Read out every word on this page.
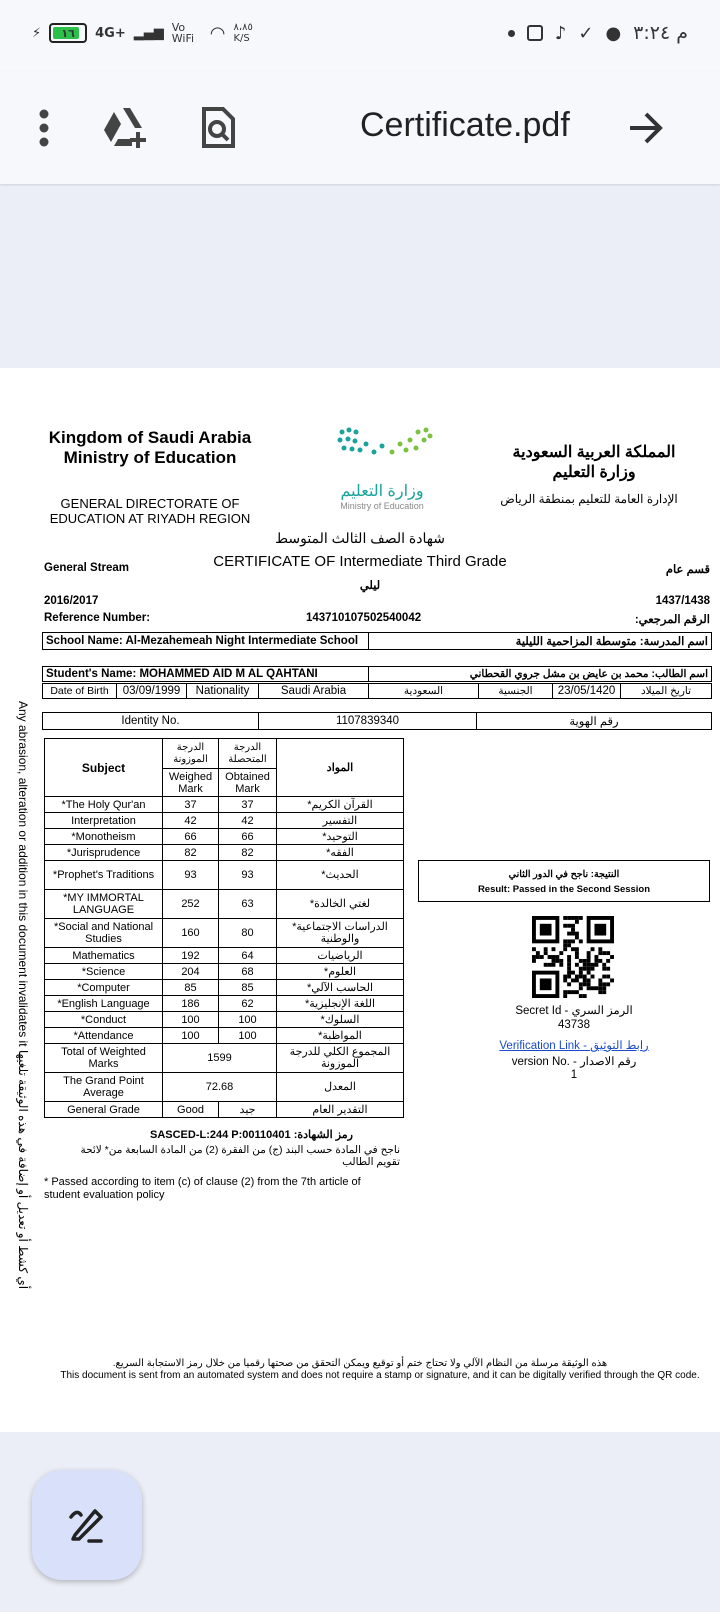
⚡ ١٦ 4G+ ▂▄▆ Vo WiFi ◠ ٨،٨٥ K/S	♪ ✓ ● م ٣:٢٤
Certificate.pdf
Kingdom of Saudi Arabia
Ministry of Education
GENERAL DIRECTORATE OF EDUCATION AT RIYADH REGION
وزارة التعليم
Ministry of Education
المملكة العربية السعودية
وزارة التعليم
الإدارة العامة للتعليم بمنطقة الرياض
شهادة الصف الثالث المتوسط
CERTIFICATE OF Intermediate Third Grade
General Stream	قسم عام
ليلي
2016/2017	1437/1438
Reference Number:	143710107502540042	الرقم المرجعي:
School Name: Al-Mezahemeah Night Intermediate School	اسم المدرسة: متوسطة المزاحمية الليلية
Student's Name: MOHAMMED AID M AL QAHTANI	اسم الطالب: محمد بن عايض بن مشل جروي القحطاني
Date of Birth	03/09/1999	Nationality	Saudi Arabia	السعودية	الجنسية	23/05/1420	تاريخ الميلاد
Identity No.	1107839340	رقم الهوية
Subject	الدرجة الموزونة	الدرجة المتحصلة	المواد
	Weighed Mark	Obtained Mark	
*The Holy Qur'an	37	37	القرآن الكريم*
Interpretation	42	42	التفسير
*Monotheism	66	66	التوحيد*
*Jurisprudence	82	82	الفقه*
*Prophet's Traditions	93	93	الحديث*
*MY IMMORTAL LANGUAGE	252	63	لغتي الخالدة*
*Social and National Studies	160	80	الدراسات الاجتماعية* والوطنية
Mathematics	192	64	الرياضيات
*Science	204	68	العلوم*
*Computer	85	85	الحاسب الآلي*
*English Language	186	62	اللغة الإنجليزية*
*Conduct	100	100	السلوك*
*Attendance	100	100	المواظبة*
Total of Weighted Marks	1599		المجموع الكلي للدرجة الموزونة
The Grand Point Average	72.68		المعدل
General Grade	Good	جيد	التقدير العام
النتيجة: ناجح في الدور الثاني
Result: Passed in the Second Session
Secret Id - الرمز السري
43738
Verification Link - رابط التوثيق
version No. - رقم الاصدار
1
SASCED-L:244 P:00110401 :رمز الشهادة
ناجح في المادة حسب البند (ج) من الفقرة (2) من المادة السابعة من* لائحة تقويم الطالب
* Passed according to item (c) of clause (2) from the 7th article of student evaluation policy
Any abrasion, alteration or addition in this document invalidates it أي كشط أو تعديل أو إضافة في هذه الوثيقة تلغيها
هذه الوثيقة مرسلة من النظام الآلي ولا تحتاج ختم أو توقيع ويمكن التحقق من صحتها رقميا من خلال رمز الاستجابة السريع.
This document is sent from an automated system and does not require a stamp or signature, and it can be digitally verified through the QR code.
